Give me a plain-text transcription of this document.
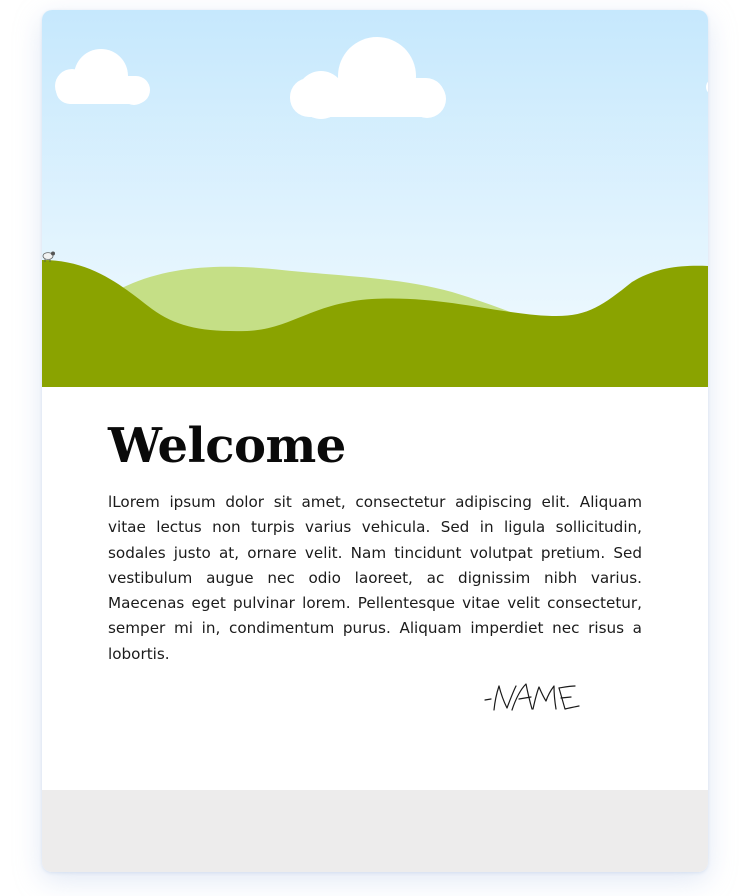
Welcome

lLorem ipsum dolor sit amet, consectetur adipiscing elit. Aliquam vitae lectus non turpis varius vehicula. Sed in ligula sollicitudin, sodales justo at, ornare velit. Nam tincidunt volutpat pretium. Sed vestibulum augue nec odio laoreet, ac dignissim nibh varius. Maecenas eget pulvinar lorem. Pellentesque vitae velit consectetur, semper mi in, condimentum purus. Aliquam imperdiet nec risus a lobortis.
